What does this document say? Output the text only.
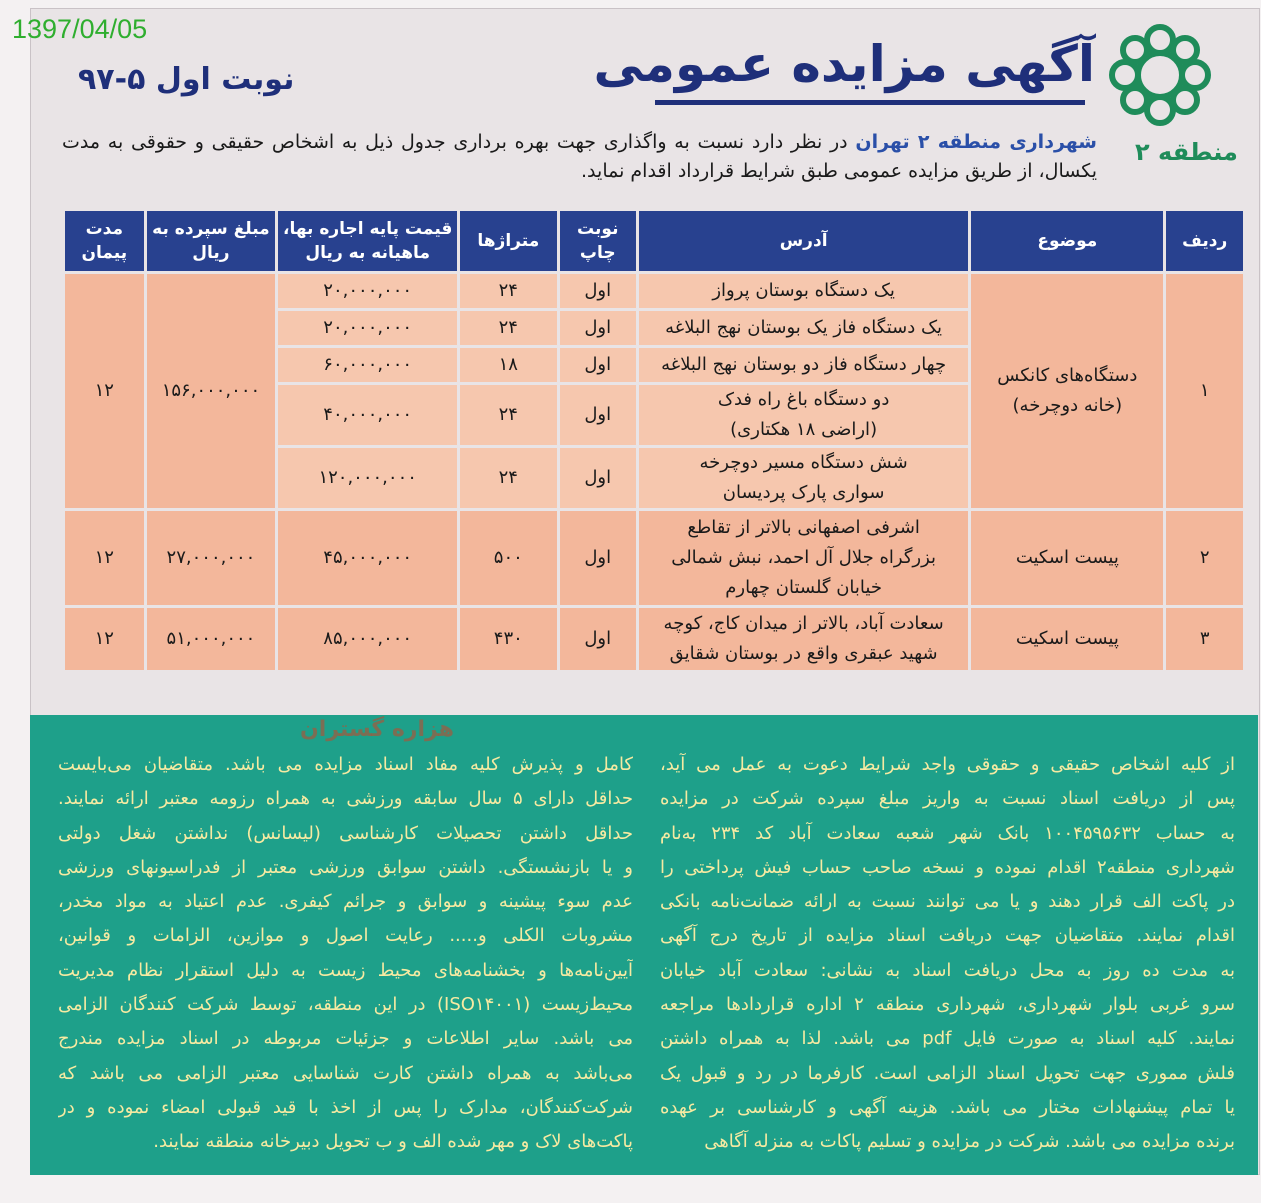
1397/04/05
منطقه ۲
آگهی مزایده عمومی
نوبت اول ۵-۹۷
شهرداری منطقه ۲ تهران در نظر دارد نسبت به واگذاری جهت بهره برداری جدول ذیل به اشخاص حقیقی و حقوقی به مدت یکسال، از طریق مزایده عمومی طبق شرایط قرارداد اقدام نماید.
ردیف	موضوع	آدرس	نوبت چاپ	متراژها	قیمت پایه اجاره بها، ماهیانه به ریال	مبلغ سپرده به ریال	مدت پیمان
۱	دستگاه‌های کانکس (خانه دوچرخه)	یک دستگاه بوستان پرواز	اول	۲۴	۲۰,۰۰۰,۰۰۰	۱۵۶,۰۰۰,۰۰۰	۱۲
		یک دستگاه فاز یک بوستان نهج البلاغه	اول	۲۴	۲۰,۰۰۰,۰۰۰		
		چهار دستگاه فاز دو بوستان نهج البلاغه	اول	۱۸	۶۰,۰۰۰,۰۰۰		
		دو دستگاه باغ راه فدک (اراضی ۱۸ هکتاری)	اول	۲۴	۴۰,۰۰۰,۰۰۰		
		شش دستگاه مسیر دوچرخه سواری پارک پردیسان	اول	۲۴	۱۲۰,۰۰۰,۰۰۰		
۲	پیست اسکیت	اشرفی اصفهانی بالاتر از تقاطع بزرگراه جلال آل احمد، نبش شمالی خیابان گلستان چهارم	اول	۵۰۰	۴۵,۰۰۰,۰۰۰	۲۷,۰۰۰,۰۰۰	۱۲
۳	پیست اسکیت	سعادت آباد، بالاتر از میدان کاج، کوچه شهید عبقری واقع در بوستان شقایق	اول	۴۳۰	۸۵,۰۰۰,۰۰۰	۵۱,۰۰۰,۰۰۰	۱۲
هزاره گستران
از کلیه اشخاص حقیقی و حقوقی واجد شرایط دعوت به عمل می آید،
پس از دریافت اسناد نسبت به واریز مبلغ سپرده شرکت در مزایده
به حساب ۱۰۰۴۵۹۵۶۳۲ بانک شهر شعبه سعادت آباد کد ۲۳۴ به‌نام
شهرداری منطقه۲ اقدام نموده و نسخه صاحب حساب فیش پرداختی را
در پاکت الف قرار دهند و یا می توانند نسبت به ارائه ضمانت‌نامه بانکی
اقدام نمایند. متقاضیان جهت دریافت اسناد مزایده از تاریخ درج آگهی
به مدت ده روز به محل دریافت اسناد به نشانی: سعادت آباد خیابان
سرو غربی بلوار شهرداری، شهرداری منطقه ۲ اداره قراردادها مراجعه
نمایند. کلیه اسناد به صورت فایل pdf می باشد. لذا به همراه داشتن
فلش مموری جهت تحویل اسناد الزامی است. کارفرما در رد و قبول یک
یا تمام پیشنهادات مختار می باشد. هزینه آگهی و کارشناسی بر عهده
برنده مزایده می باشد. شرکت در مزایده و تسلیم پاکات به منزله آگاهی
کامل و پذیرش کلیه مفاد اسناد مزایده می باشد. متقاضیان می‌بایست
حداقل دارای ۵ سال سابقه ورزشی به همراه رزومه معتبر ارائه نمایند.
حداقل داشتن تحصیلات کارشناسی (لیسانس) نداشتن شغل دولتی
و یا بازنشستگی. داشتن سوابق ورزشی معتبر از فدراسیونهای ورزشی
عدم سوء پیشینه و سوابق و جرائم کیفری. عدم اعتیاد به مواد مخدر،
مشروبات الکلی و..... رعایت اصول و موازین، الزامات و قوانین،
آیین‌نامه‌ها و بخشنامه‌های محیط زیست به دلیل استقرار نظام مدیریت
محیط‌زیست (ISO۱۴۰۰۱) در این منطقه، توسط شرکت کنندگان الزامی
می باشد. سایر اطلاعات و جزئیات مربوطه در اسناد مزایده مندرج
می‌باشد به همراه داشتن کارت شناسایی معتبر الزامی می باشد که
شرکت‌کنندگان، مدارک را پس از اخذ با قید قبولی امضاء نموده و در
پاکت‌های لاک و مهر شده الف و ب تحویل دبیرخانه منطقه نمایند.
